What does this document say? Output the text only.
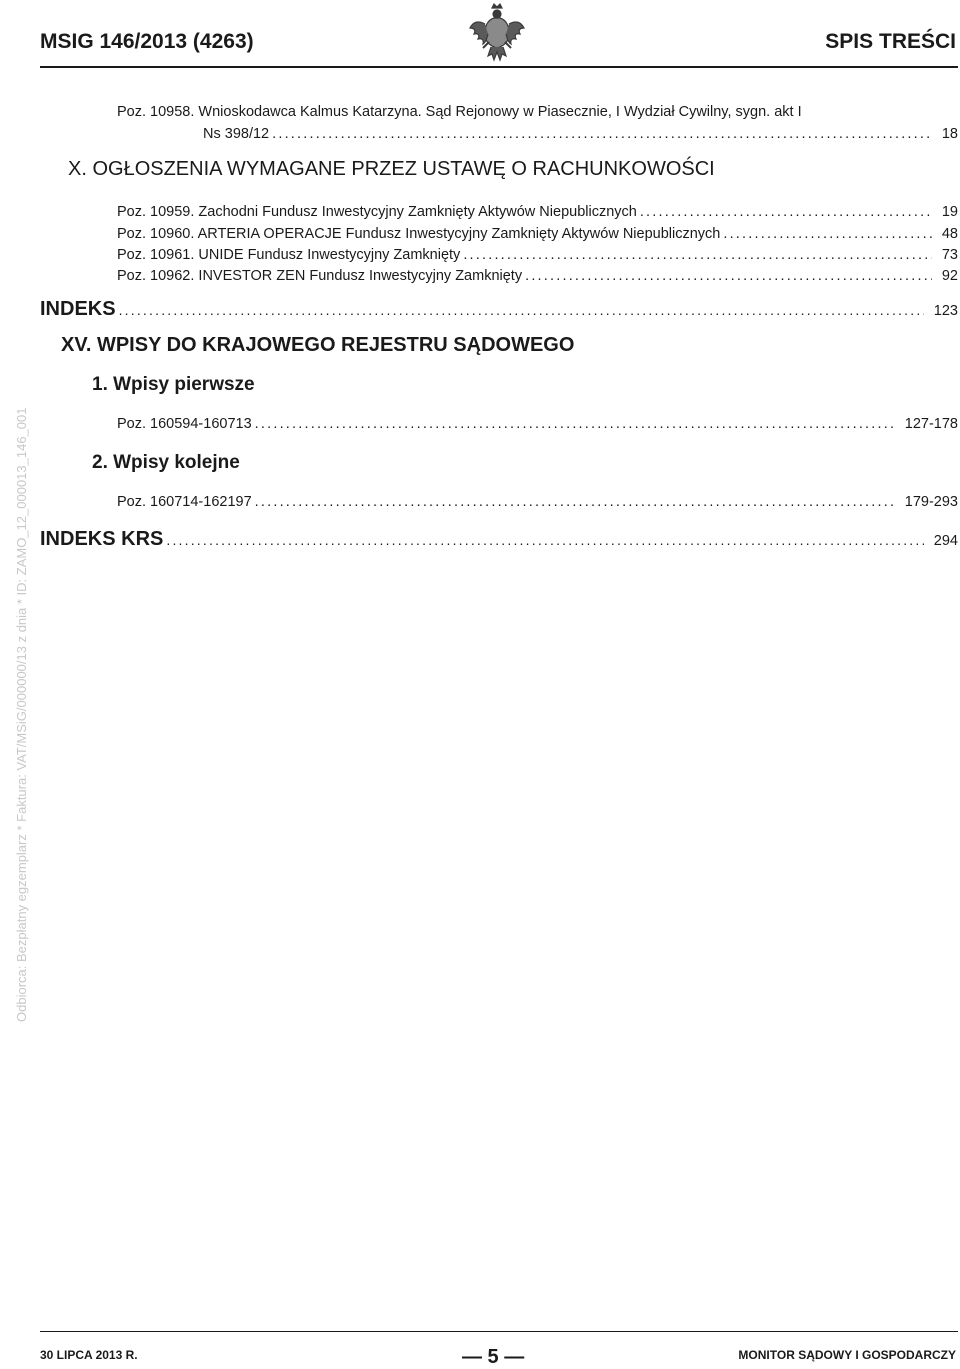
MSIG 146/2013 (4263)	SPIS TREŚCI
Odbiorca: Bezpłatny egzemplarz * Faktura: VAT/MSiG/000000/13 z dnia * ID: ZAMO_12_000013_146_001
Poz. 10958. Wnioskodawca Kalmus Katarzyna. Sąd Rejonowy w Piasecznie, I Wydział Cywilny, sygn. akt I
Ns 398/12 .....	18
X. OGŁOSZENIA WYMAGANE PRZEZ USTAWĘ O RACHUNKOWOŚCI
Poz. 10959. Zachodni Fundusz Inwestycyjny Zamknięty Aktywów Niepublicznych .....	19
Poz. 10960. ARTERIA OPERACJE Fundusz Inwestycyjny Zamknięty Aktywów Niepublicznych .....	48
Poz. 10961. UNIDE Fundusz Inwestycyjny Zamknięty .....	73
Poz. 10962. INVESTOR ZEN Fundusz Inwestycyjny Zamknięty .....	92
INDEKS .....	123
XV. WPISY DO KRAJOWEGO REJESTRU SĄDOWEGO
1. Wpisy pierwsze
Poz. 160594-160713 .....	127-178
2. Wpisy kolejne
Poz. 160714-162197 .....	179-293
INDEKS KRS .....	294
30 LIPCA 2013 R.	— 5 —	MONITOR SĄDOWY I GOSPODARCZY
